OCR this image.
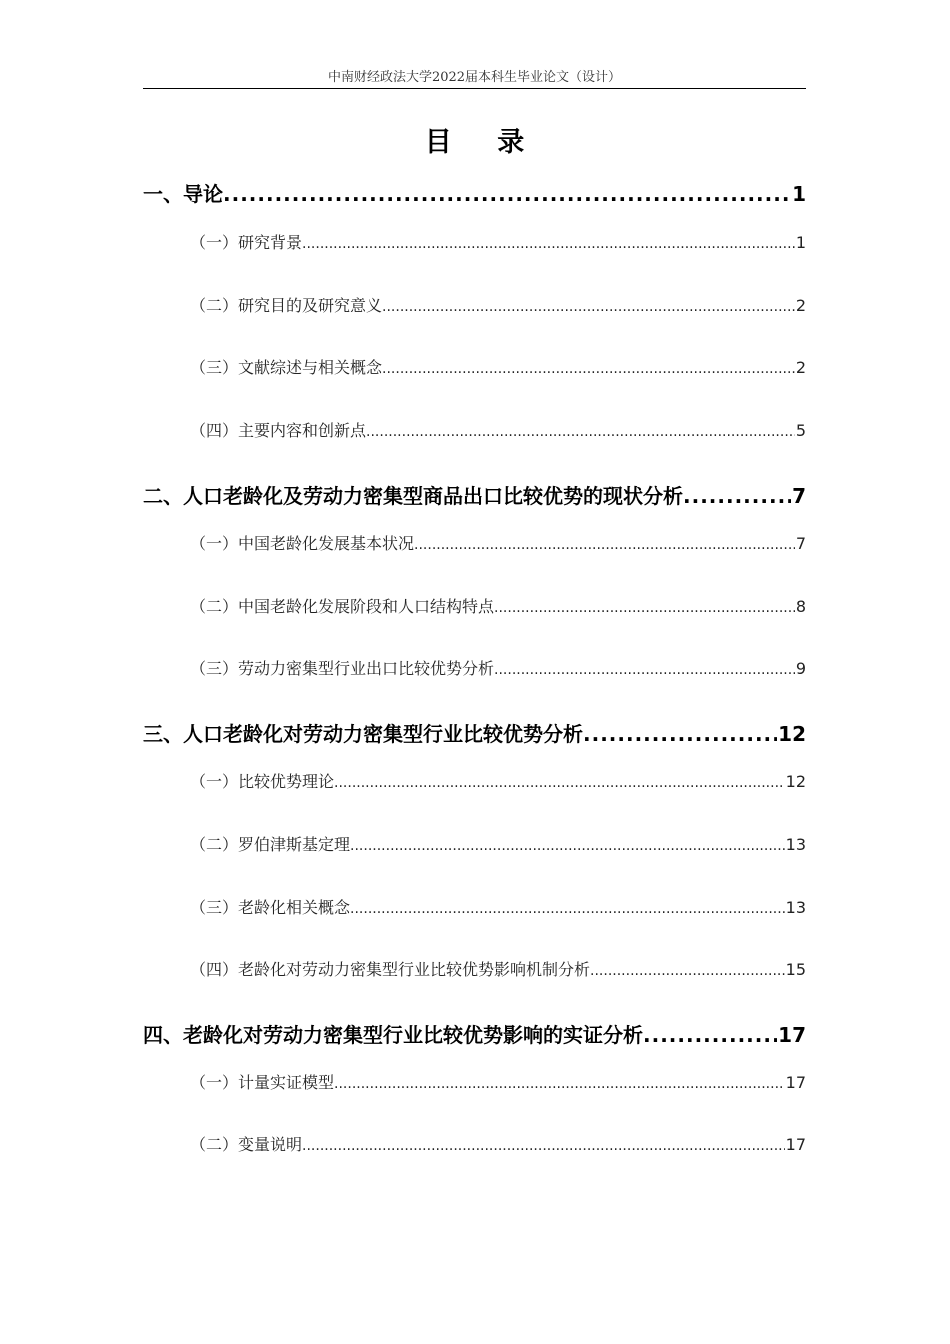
中南财经政法大学2022届本科生毕业论文（设计）
目 录
一、导论 .....	1
（一）研究背景 .....	1
（二）研究目的及研究意义 .....	2
（三）文献综述与相关概念 .....	2
（四）主要内容和创新点 .....	5
二、人口老龄化及劳动力密集型商品出口比较优势的现状分析 .....	7
（一）中国老龄化发展基本状况 .....	7
（二）中国老龄化发展阶段和人口结构特点 .....	8
（三）劳动力密集型行业出口比较优势分析 .....	9
三、人口老龄化对劳动力密集型行业比较优势分析 .....	12
（一）比较优势理论 .....	12
（二）罗伯津斯基定理 .....	13
（三）老龄化相关概念 .....	13
（四）老龄化对劳动力密集型行业比较优势影响机制分析 .....	15
四、老龄化对劳动力密集型行业比较优势影响的实证分析 .....	17
（一）计量实证模型 .....	17
（二）变量说明 .....	17
